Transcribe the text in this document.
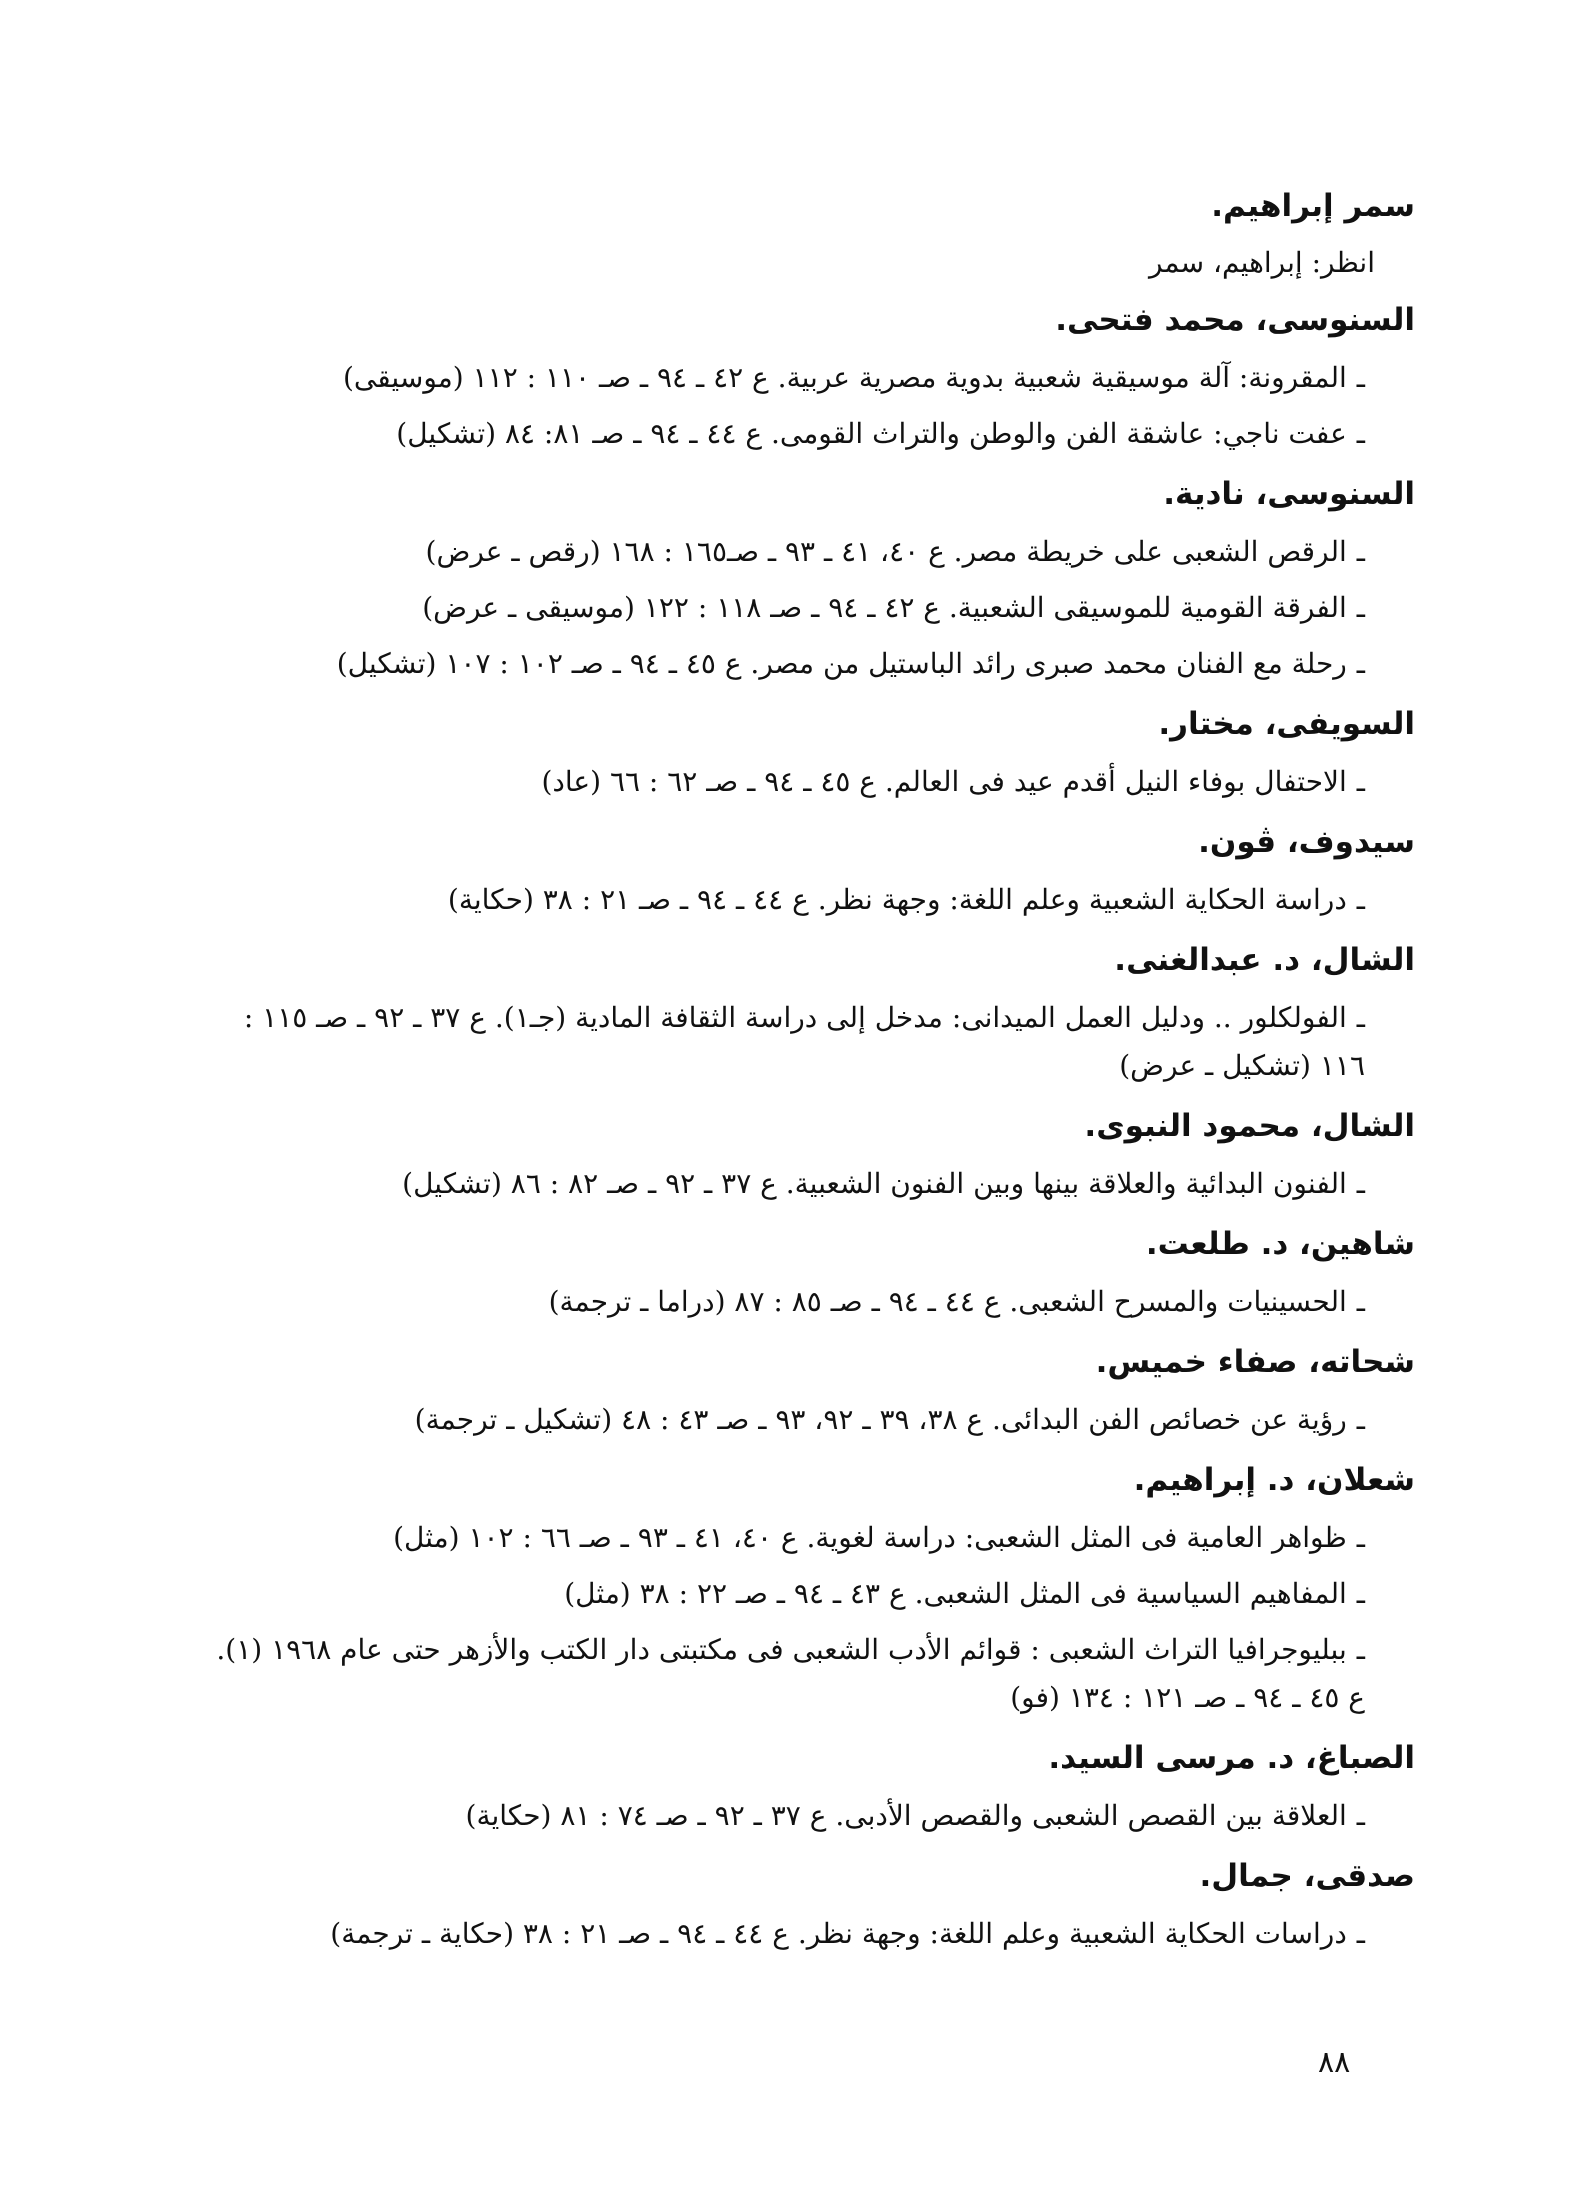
سمر إبراهيم.

انظر: إبراهيم، سمر

السنوسى، محمد فتحى.

ـالمقرونة: آلة موسيقية شعبية بدوية مصرية عربية. ع ٤٢ ـ ٩٤ ـ صـ ١١٠ : ١١٢ (موسيقى)

ـعفت ناجي: عاشقة الفن والوطن والتراث القومى. ع ٤٤ ـ ٩٤ ـ صـ ٨١: ٨٤ (تشكيل)

السنوسى، نادية.

ـالرقص الشعبى على خريطة مصر. ع ٤٠، ٤١ ـ ٩٣ ـ صـ١٦٥ : ١٦٨ (رقص ـ عرض)

ـالفرقة القومية للموسيقى الشعبية. ع ٤٢ ـ ٩٤ ـ صـ ١١٨ : ١٢٢ (موسيقى ـ عرض)

ـرحلة مع الفنان محمد صبرى رائد الباستيل من مصر. ع ٤٥ ـ ٩٤ ـ صـ ١٠٢ : ١٠٧ (تشكيل)

السويفى، مختار.

ـالاحتفال بوفاء النيل أقدم عيد فى العالم. ع ٤٥ ـ ٩٤ ـ صـ ٦٢ : ٦٦ (عاد)

سيدوف، ڤون.

ـدراسة الحكاية الشعبية وعلم اللغة: وجهة نظر. ع ٤٤ ـ ٩٤ ـ صـ ٢١ : ٣٨ (حكاية)

الشال، د. عبدالغنى.

ـالفولكلور .. ودليل العمل الميدانى: مدخل إلى دراسة الثقافة المادية (جـ١). ع ٣٧ ـ ٩٢ ـ صـ ١١٥ : ١١٦ (تشكيل ـ عرض)

الشال، محمود النبوى.

ـالفنون البدائية والعلاقة بينها وبين الفنون الشعبية. ع ٣٧ ـ ٩٢ ـ صـ ٨٢ : ٨٦ (تشكيل)

شاهين، د. طلعت.

ـالحسينيات والمسرح الشعبى. ع ٤٤ ـ ٩٤ ـ صـ ٨٥ : ٨٧ (دراما ـ ترجمة)

شحاته، صفاء خميس.

ـرؤية عن خصائص الفن البدائى. ع ٣٨، ٣٩ ـ ٩٢، ٩٣ ـ صـ ٤٣ : ٤٨ (تشكيل ـ ترجمة)

شعلان، د. إبراهيم.

ـظواهر العامية فى المثل الشعبى: دراسة لغوية. ع ٤٠، ٤١ ـ ٩٣ ـ صـ ٦٦ : ١٠٢ (مثل)

ـالمفاهيم السياسية فى المثل الشعبى. ع ٤٣ ـ ٩٤ ـ صـ ٢٢ : ٣٨ (مثل)

ـببليوجرافيا التراث الشعبى : قوائم الأدب الشعبى فى مكتبتى دار الكتب والأزهر حتى عام ١٩٦٨ (١). ع ٤٥ ـ ٩٤ ـ صـ ١٢١ : ١٣٤ (فو)

الصباغ، د. مرسى السيد.

ـالعلاقة بين القصص الشعبى والقصص الأدبى. ع ٣٧ ـ ٩٢ ـ صـ ٧٤ : ٨١ (حكاية)

صدقى، جمال.

ـدراسات الحكاية الشعبية وعلم اللغة: وجهة نظر. ع ٤٤ ـ ٩٤ ـ صـ ٢١ : ٣٨ (حكاية ـ ترجمة)

٨٨
